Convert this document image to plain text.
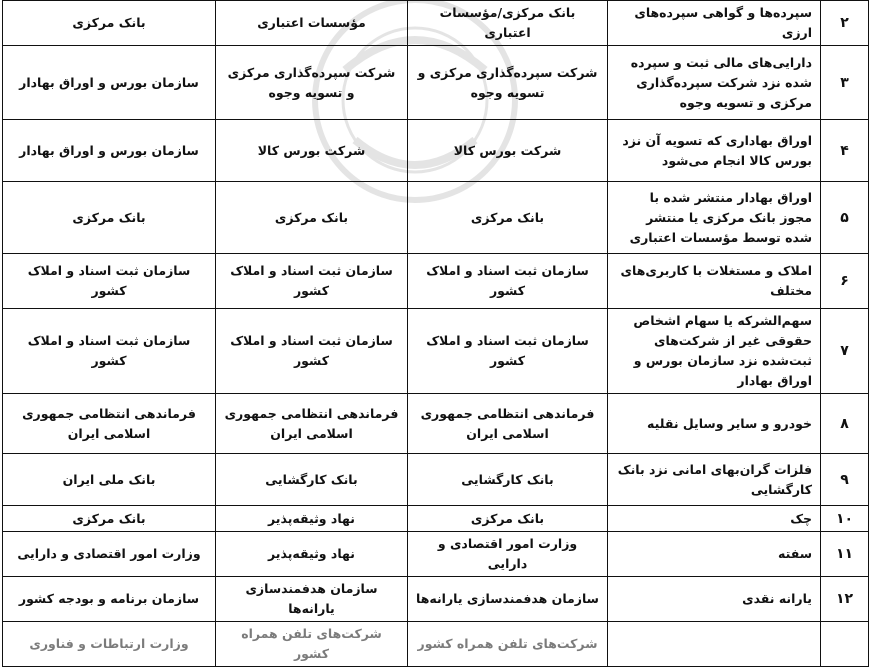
۲	سپرده‌ها و گواهی سپرده‌های ارزی	بانک مرکزی/مؤسسات اعتباری	مؤسسات اعتباری	بانک مرکزی
۳	دارایی‌های مالی ثبت و سپرده شده نزد شرکت سپرده‌گذاری مرکزی و تسویه وجوه	شرکت سپرده‌گذاری مرکزی و تسویه وجوه	شرکت سپرده‌گذاری مرکزی و تسویه وجوه	سازمان بورس و اوراق بهادار
۴	اوراق بهاداری که تسویه آن نزد بورس کالا انجام می‌شود	شرکت بورس کالا	شرکت بورس کالا	سازمان بورس و اوراق بهادار
۵	اوراق بهادار منتشر شده با مجوز بانک مرکزی یا منتشر شده توسط مؤسسات اعتباری	بانک مرکزی	بانک مرکزی	بانک مرکزی
۶	املاک و مستغلات با کاربری‌های مختلف	سازمان ثبت اسناد و املاک کشور	سازمان ثبت اسناد و املاک کشور	سازمان ثبت اسناد و املاک کشور
۷	سهم‌الشرکه یا سهام اشخاص حقوقی غیر از شرکت‌های ثبت‌شده نزد سازمان بورس و اوراق بهادار	سازمان ثبت اسناد و املاک کشور	سازمان ثبت اسناد و املاک کشور	سازمان ثبت اسناد و املاک کشور
۸	خودرو و سایر وسایل نقلیه	فرماندهی انتظامی جمهوری اسلامی ایران	فرماندهی انتظامی جمهوری اسلامی ایران	فرماندهی انتظامی جمهوری اسلامی ایران
۹	فلزات گران‌بهای امانی نزد بانک کارگشایی	بانک کارگشایی	بانک کارگشایی	بانک ملی ایران
۱۰	چک	بانک مرکزی	نهاد وثیقه‌پذیر	بانک مرکزی
۱۱	سفته	وزارت امور اقتصادی و دارایی	نهاد وثیقه‌پذیر	وزارت امور اقتصادی و دارایی
۱۲	یارانه نقدی	سازمان هدفمندسازی یارانه‌ها	سازمان هدفمندسازی یارانه‌ها	سازمان برنامه و بودجه کشور
		شرکت‌های تلفن همراه کشور	شرکت‌های تلفن همراه کشور	وزارت ارتباطات و فناوری
